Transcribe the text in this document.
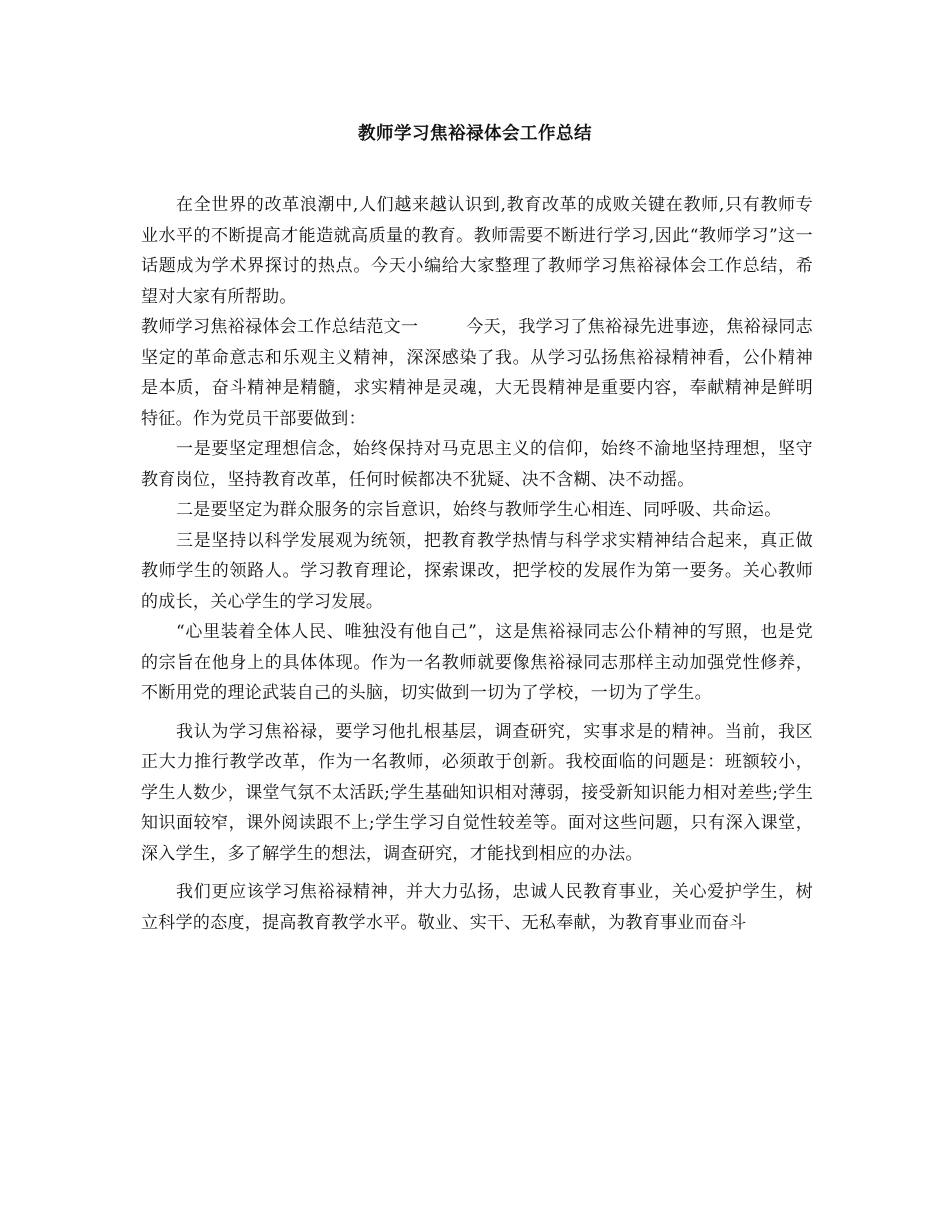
教师学习焦裕禄体会工作总结

在全世界的改革浪潮中,人们越来越认识到,教育改革的成败关键在教师,只有教师专业水平的不断提高才能造就高质量的教育。教师需要不断进行学习,因此“教师学习”这一话题成为学术界探讨的热点。今天小编给大家整理了教师学习焦裕禄体会工作总结，希望对大家有所帮助。

教师学习焦裕禄体会工作总结范文一	今天，我学习了焦裕禄先进事迹，焦裕禄同志坚定的革命意志和乐观主义精神，深深感染了我。从学习弘扬焦裕禄精神看，公仆精神是本质，奋斗精神是精髓，求实精神是灵魂，大无畏精神是重要内容，奉献精神是鲜明特征。作为党员干部要做到：

一是要坚定理想信念，始终保持对马克思主义的信仰，始终不渝地坚持理想，坚守教育岗位，坚持教育改革，任何时候都决不犹疑、决不含糊、决不动摇。

二是要坚定为群众服务的宗旨意识，始终与教师学生心相连、同呼吸、共命运。

三是坚持以科学发展观为统领，把教育教学热情与科学求实精神结合起来，真正做教师学生的领路人。学习教育理论，探索课改，把学校的发展作为第一要务。关心教师的成长，关心学生的学习发展。

“心里装着全体人民、唯独没有他自己”，这是焦裕禄同志公仆精神的写照，也是党的宗旨在他身上的具体体现。作为一名教师就要像焦裕禄同志那样主动加强党性修养，不断用党的理论武装自己的头脑，切实做到一切为了学校，一切为了学生。

我认为学习焦裕禄，要学习他扎根基层，调查研究，实事求是的精神。当前，我区正大力推行教学改革，作为一名教师，必须敢于创新。我校面临的问题是：班额较小，学生人数少，课堂气氛不太活跃;学生基础知识相对薄弱，接受新知识能力相对差些;学生知识面较窄，课外阅读跟不上;学生学习自觉性较差等。面对这些问题，只有深入课堂，深入学生，多了解学生的想法，调查研究，才能找到相应的办法。

我们更应该学习焦裕禄精神，并大力弘扬，忠诚人民教育事业，关心爱护学生，树立科学的态度，提高教育教学水平。敬业、实干、无私奉献，为教育事业而奋斗
